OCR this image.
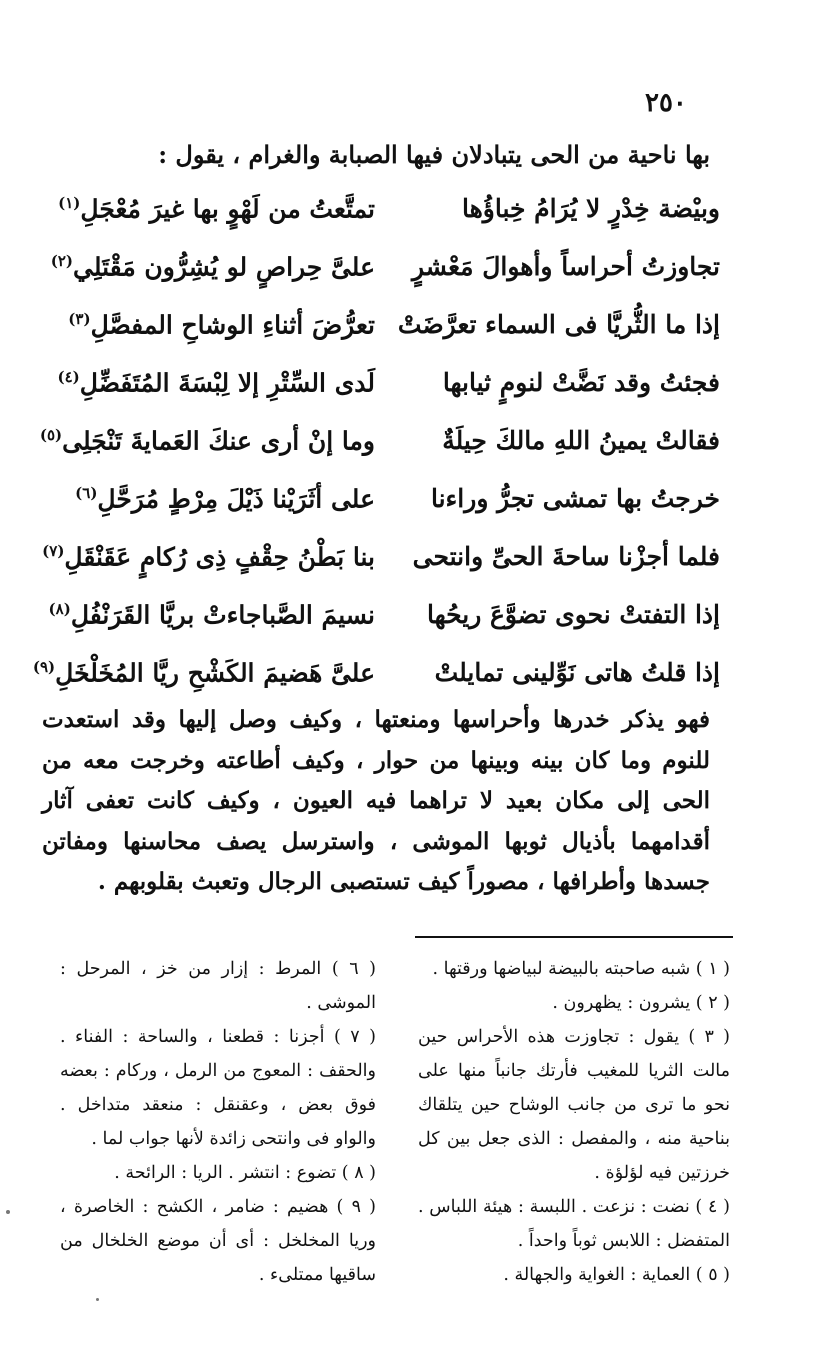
٢٥٠
بها ناحية من الحى يتبادلان فيها الصبابة والغرام ، يقول :
وبيْضة خِدْرٍ لا يُرَامُ خِباؤُها
تمتَّعتُ من لَهْوٍ بها غيرَ مُعْجَلِ$^{(١)}$
تجاوزتُ أحراساً وأهوالَ مَعْشرٍ
علىَّ حِراصٍ لو يُشِرُّون مَقْتَلِي$^{(٢)}$
إذا ما الثُّريَّا فى السماء تعرَّضَتْ
تعرُّضَ أثناءِ الوشاحِ المفصَّلِ$^{(٣)}$
فجئتُ وقد نَضَّتْ لنومٍ ثيابها
لَدى السِّتْرِ إلا لِبْسَةَ المُتَفَضِّلِ$^{(٤)}$
فقالتْ يمينُ اللهِ مالكَ حِيلَةٌ
وما إنْ أرى عنكَ العَمايةَ تَنْجَلِى$^{(٥)}$
خرجتُ بها تمشى تجرُّ وراءنا
على أثَرَيْنا ذَيْلَ مِرْطٍ مُرَحَّلِ$^{(٦)}$
فلما أجزْنا ساحةَ الحىِّ وانتحى
بنا بَطْنُ حِقْفٍ ذِى رُكامٍ عَقَنْقَلِ$^{(٧)}$
إذا التفتتْ نحوى تضوَّعَ ريحُها
نسيمَ الصَّباجاءتْ بريَّا القَرَنْفُلِ$^{(٨)}$
إذا قلتُ هاتى نَوِّلينى تمايلتْ
علىَّ هَضيمَ الكَشْحِ ريَّا المُخَلْخَلِ$^{(٩)}$
فهو يذكر خدرها وأحراسها ومنعتها ، وكيف وصل إليها وقد استعدت للنوم وما كان بينه وبينها من حوار ، وكيف أطاعته وخرجت معه من الحى إلى مكان بعيد لا تراهما فيه العيون ، وكيف كانت تعفى آثار أقدامهما بأذيال ثوبها الموشى ، واسترسل يصف محاسنها ومفاتن جسدها وأطرافها ، مصوراً كيف تستصبى الرجال وتعبث بقلوبهم .

( ١ ) شبه صاحبته بالبيضة لبياضها ورقتها .

( ٢ ) يشرون : يظهرون .

( ٣ ) يقول : تجاوزت هذه الأحراس حين مالت الثريا للمغيب فأرتك جانباً منها على نحو ما ترى من جانب الوشاح حين يتلقاك بناحية منه ، والمفصل : الذى جعل بين كل خرزتين فيه لؤلؤة .

( ٤ ) نضت : نزعت . اللبسة : هيئة اللباس . المتفضل : اللابس ثوباً واحداً .

( ٥ ) العماية : الغواية والجهالة .

( ٦ ) المرط : إزار من خز ، المرحل : الموشى .

( ٧ ) أجزنا : قطعنا ، والساحة : الفناء . والحقف : المعوج من الرمل ، وركام : بعضه فوق بعض ، وعقنقل : منعقد متداخل . والواو فى وانتحى زائدة لأنها جواب لما .

( ٨ ) تضوع : انتشر . الريا : الرائحة .

( ٩ ) هضيم : ضامر ، الكشح : الخاصرة ، وريا المخلخل : أى أن موضع الخلخال من ساقيها ممتلىء .
